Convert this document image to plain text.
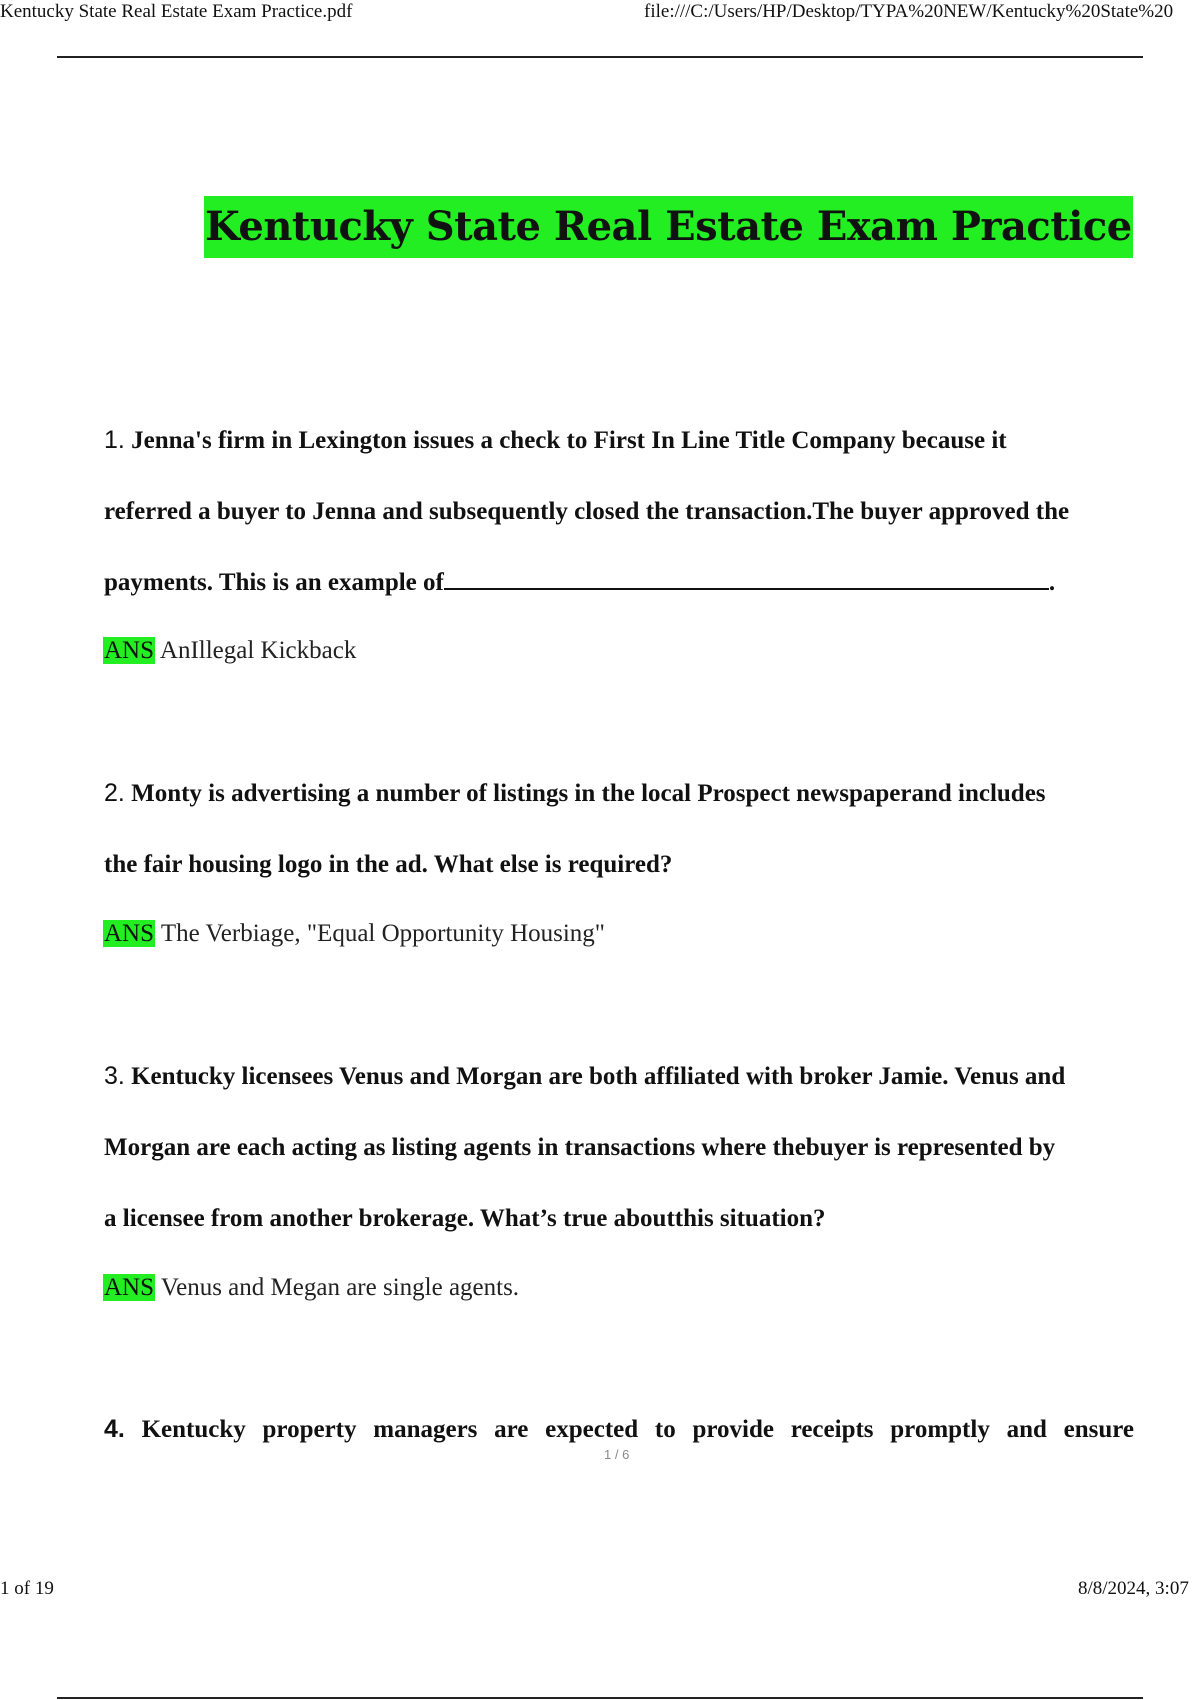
Kentucky State Real Estate Exam Practice.pdf	file:///C:/Users/HP/Desktop/TYPA%20NEW/Kentucky%20State%20
Kentucky State Real Estate Exam Practice
1. Jenna's firm in Lexington issues a check to First In Line Title Company because it
referred a buyer to Jenna and subsequently closed the transaction.The buyer approved the
payments. This is an example of	.
ANS AnIllegal Kickback
2. Monty is advertising a number of listings in the local Prospect newspaperand includes
the fair housing logo in the ad. What else is required?
ANS The Verbiage, "Equal Opportunity Housing"
3. Kentucky licensees Venus and Morgan are both affiliated with broker Jamie. Venus and
Morgan are each acting as listing agents in transactions where thebuyer is represented by
a licensee from another brokerage. What’s true aboutthis situation?
ANS Venus and Megan are single agents.
4. Kentucky property managers are expected to provide receipts promptly and ensure
1 / 6
1 of 19	8/8/2024, 3:07
